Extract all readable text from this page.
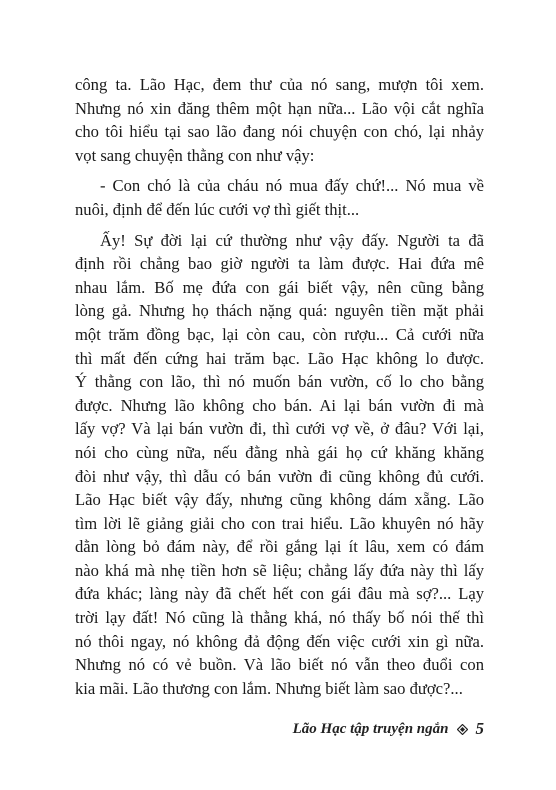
công ta. Lão Hạc, đem thư của nó sang, mượn tôi xem.
Nhưng nó xin đăng thêm một hạn nữa... Lão vội cắt nghĩa
cho tôi hiểu tại sao lão đang nói chuyện con chó, lại nhảy
vọt sang chuyện thằng con như vậy:
- Con chó là của cháu nó mua đấy chứ!... Nó mua về
nuôi, định để đến lúc cưới vợ thì giết thịt...
Ấy! Sự đời lại cứ thường như vậy đấy. Người ta đã
định rồi chẳng bao giờ người ta làm được. Hai đứa mê
nhau lắm. Bố mẹ đứa con gái biết vậy, nên cũng bằng
lòng gả. Nhưng họ thách nặng quá: nguyên tiền mặt phải
một trăm đồng bạc, lại còn cau, còn rượu... Cả cưới nữa
thì mất đến cứng hai trăm bạc. Lão Hạc không lo được.
Ý thằng con lão, thì nó muốn bán vườn, cố lo cho bằng
được. Nhưng lão không cho bán. Ai lại bán vườn đi mà
lấy vợ? Và lại bán vườn đi, thì cưới vợ về, ở đâu? Với lại,
nói cho cùng nữa, nếu đằng nhà gái họ cứ khăng khăng
đòi như vậy, thì dẫu có bán vườn đi cũng không đủ cưới.
Lão Hạc biết vậy đấy, nhưng cũng không dám xẵng. Lão
tìm lời lẽ giảng giải cho con trai hiểu. Lão khuyên nó hãy
dằn lòng bỏ đám này, để rồi gắng lại ít lâu, xem có đám
nào khá mà nhẹ tiền hơn sẽ liệu; chẳng lấy đứa này thì lấy
đứa khác; làng này đã chết hết con gái đâu mà sợ?... Lạy
trời lạy đất! Nó cũng là thằng khá, nó thấy bố nói thế thì
nó thôi ngay, nó không đả động đến việc cưới xin gì nữa.
Nhưng nó có vẻ buồn. Và lão biết nó vẫn theo đuổi con
kia mãi. Lão thương con lắm. Nhưng biết làm sao được?...
Lão Hạc tập truyện ngắn 5
